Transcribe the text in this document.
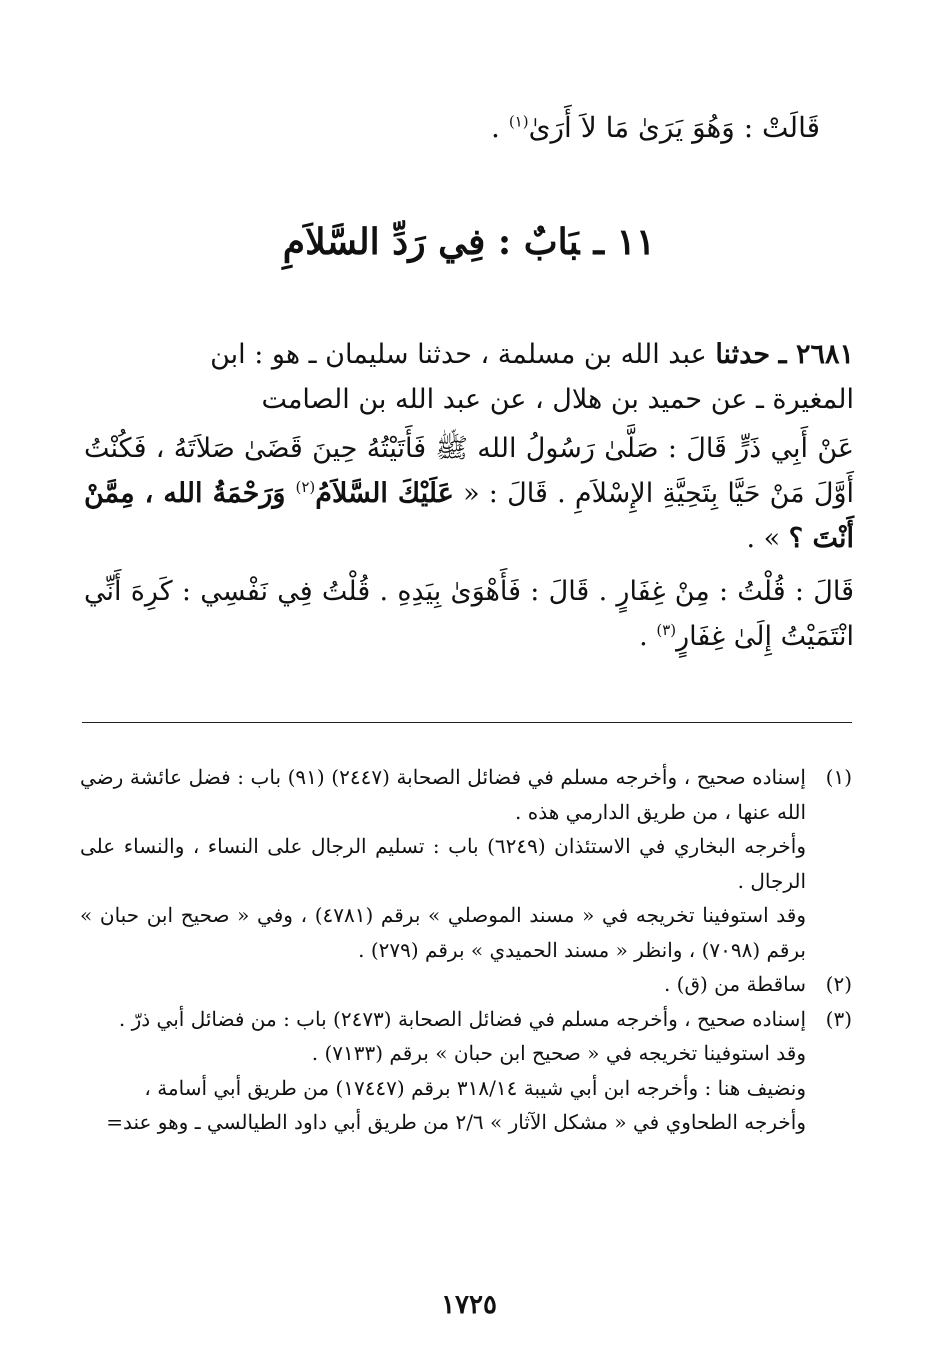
قَالَتْ : وَهُوَ يَرَىٰ مَا لاَ أَرَىٰ$^{(١)}$ .
١١ ـبَابٌ : فِي رَدِّ السَّلاَمِ

٢٦٨١ ـ حدثنا عبد الله بن مسلمة ، حدثنا سليمان ـ هو : ابن

المغيرة ـ عن حميد بن هلال ، عن عبد الله بن الصامت

عَنْ أَبِي ذَرٍّ قَالَ : صَلَّىٰ رَسُولُ الله ﷺ فَأَتَيْتُهُ حِينَ قَضَىٰ صَلاَتَهُ ، فَكُنْتُ أَوَّلَ مَنْ حَيَّا بِتَحِيَّةِ الإِسْلاَمِ . قَالَ : « عَلَيْكَ السَّلاَمُ$^{(٢)}$ وَرَحْمَةُ الله ، مِمَّنْ أَنْتَ ؟ » .

قَالَ : قُلْتُ : مِنْ غِفَارٍ . قَالَ : فَأَهْوَىٰ بِيَدِهِ . قُلْتُ فِي نَفْسِي : كَرِهَ أَنِّي انْتَمَيْتُ إِلَىٰ غِفَارٍ$^{(٣)}$ .

(١)

إسناده صحيح ، وأخرجه مسلم في فضائل الصحابة (٢٤٤٧) (٩١) باب : فضل عائشة رضي الله عنها ، من طريق الدارمي هذه .

وأخرجه البخاري في الاستئذان (٦٢٤٩) باب : تسليم الرجال على النساء ، والنساء على الرجال .

وقد استوفينا تخريجه في « مسند الموصلي » برقم (٤٧٨١) ، وفي « صحيح ابن حبان » برقم (٧٠٩٨) ، وانظر « مسند الحميدي » برقم (٢٧٩) .

(٢)

ساقطة من (ق) .

(٣)

إسناده صحيح ، وأخرجه مسلم في فضائل الصحابة (٢٤٧٣) باب : من فضائل أبي ذرّ .

وقد استوفينا تخريجه في « صحيح ابن حبان » برقم (٧١٣٣) .

ونضيف هنا : وأخرجه ابن أبي شيبة ٣١٨/١٤ برقم (١٧٤٤٧) من طريق أبي أسامة ،

وأخرجه الطحاوي في « مشكل الآثار » ٢/٦ من طريق أبي داود الطيالسي ـ وهو عند=

١٧٢٥
